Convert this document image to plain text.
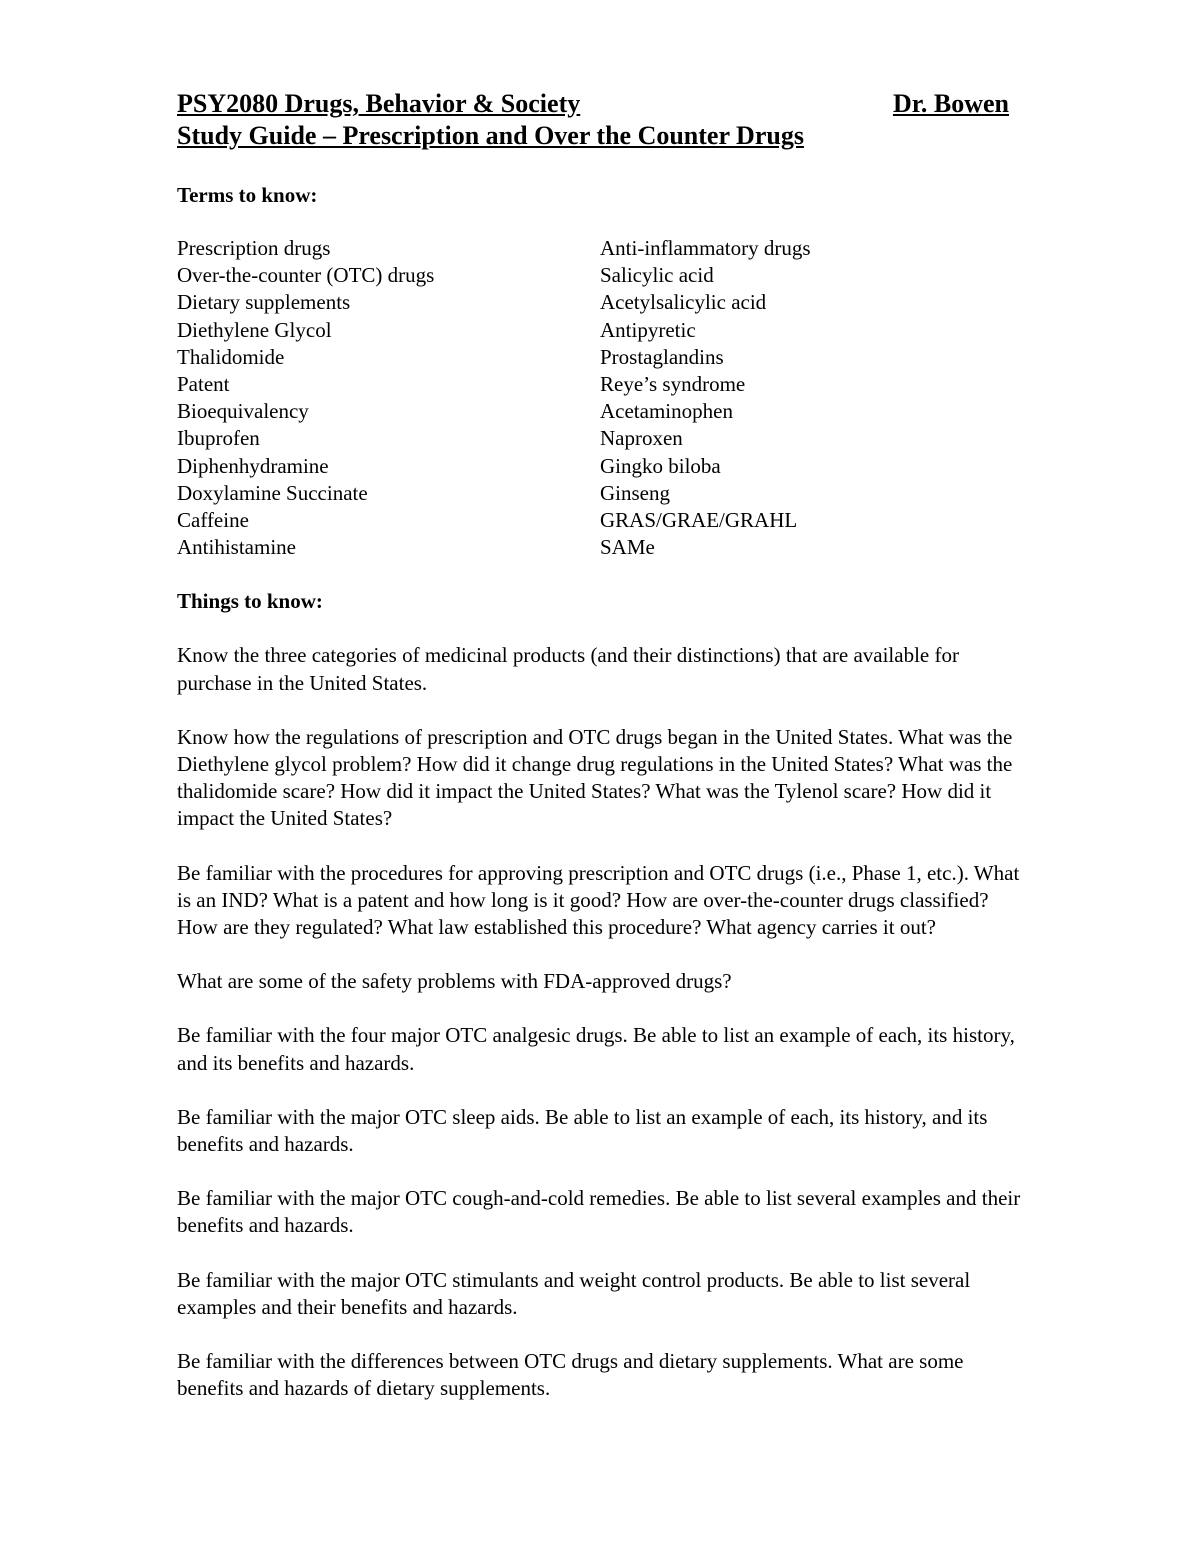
PSY2080 Drugs, Behavior & Society	Dr. Bowen
Study Guide – Prescription and Over the Counter Drugs
Terms to know:
Prescription drugs	Anti-inflammatory drugs
Over-the-counter (OTC) drugs	Salicylic acid
Dietary supplements	Acetylsalicylic acid
Diethylene Glycol	Antipyretic
Thalidomide	Prostaglandins
Patent	Reye’s syndrome
Bioequivalency	Acetaminophen
Ibuprofen	Naproxen
Diphenhydramine	Gingko biloba
Doxylamine Succinate	Ginseng
Caffeine	GRAS/GRAE/GRAHL
Antihistamine	SAMe
Things to know:
Know the three categories of medicinal products (and their distinctions) that are available for purchase in the United States.
Know how the regulations of prescription and OTC drugs began in the United States. What was the Diethylene glycol problem? How did it change drug regulations in the United States? What was the thalidomide scare? How did it impact the United States? What was the Tylenol scare? How did it impact the United States?
Be familiar with the procedures for approving prescription and OTC drugs (i.e., Phase 1, etc.). What is an IND? What is a patent and how long is it good? How are over-the-counter drugs classified? How are they regulated? What law established this procedure? What agency carries it out?
What are some of the safety problems with FDA-approved drugs?
Be familiar with the four major OTC analgesic drugs. Be able to list an example of each, its history, and its benefits and hazards.
Be familiar with the major OTC sleep aids. Be able to list an example of each, its history, and its benefits and hazards.
Be familiar with the major OTC cough-and-cold remedies. Be able to list several examples and their benefits and hazards.
Be familiar with the major OTC stimulants and weight control products. Be able to list several examples and their benefits and hazards.
Be familiar with the differences between OTC drugs and dietary supplements. What are some benefits and hazards of dietary supplements.
